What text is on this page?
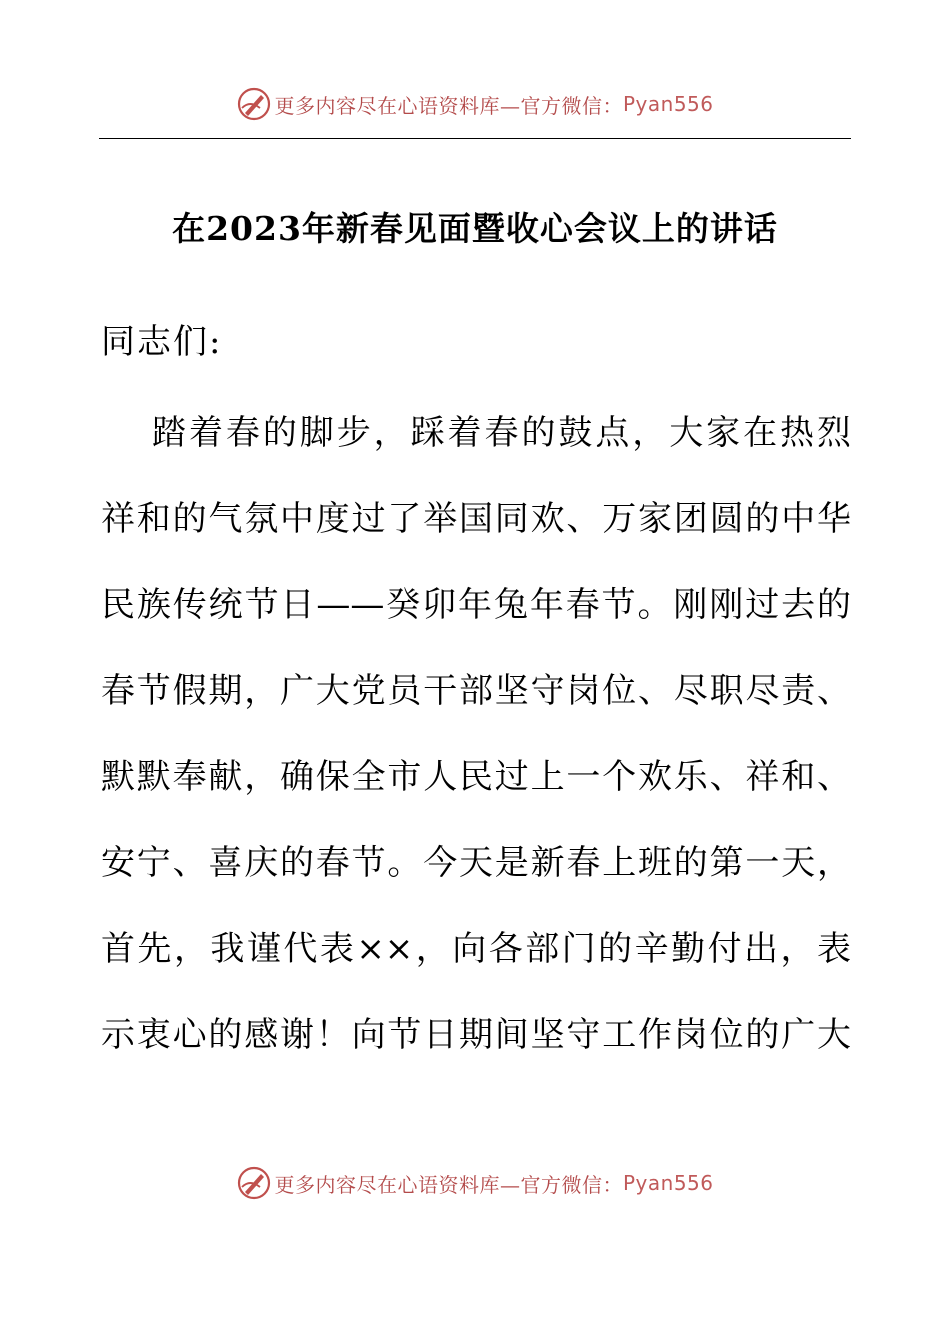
更多内容尽在心语资料库—官方微信： Pyan556
在2023年新春见面暨收心会议上的讲话
同志们:
踏着春的脚步，踩着春的鼓点，大家在热烈
祥和的气氛中度过了举国同欢、万家团圆的中华
民族传统节日——癸卯年兔年春节。刚刚过去的
春节假期，广大党员干部坚守岗位、尽职尽责、
默默奉献，确保全市人民过上一个欢乐、祥和、
安宁、喜庆的春节。今天是新春上班的第一天，
首先，我谨代表××，向各部门的辛勤付出，表
示衷心的感谢！向节日期间坚守工作岗位的广大
更多内容尽在心语资料库—官方微信： Pyan556
